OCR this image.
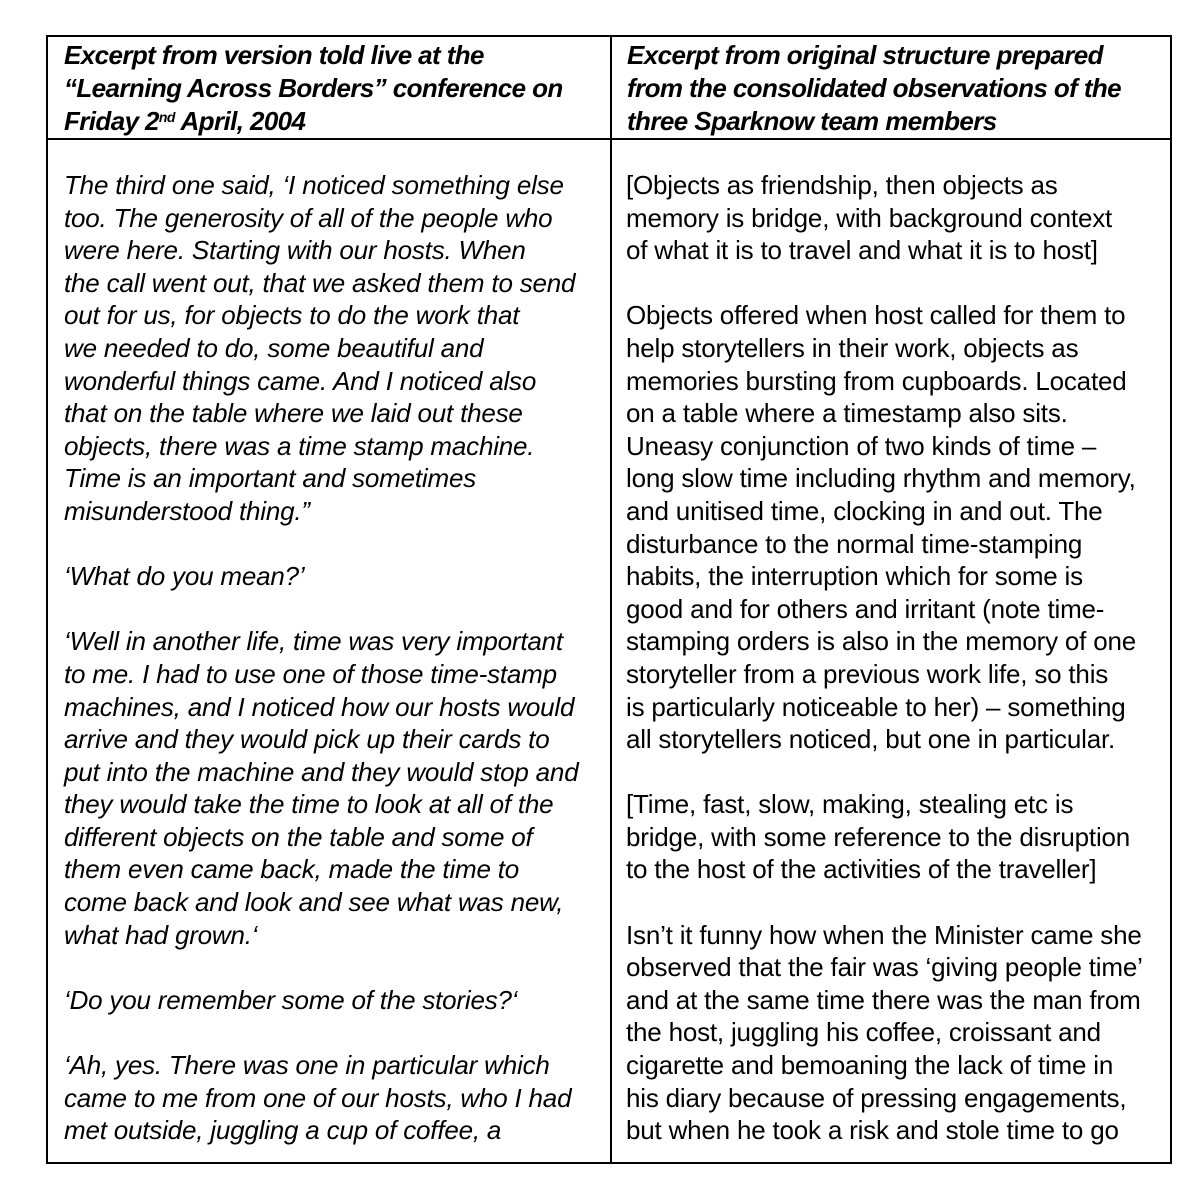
Excerpt from version told live at the
“Learning Across Borders” conference on
Friday 2nd April, 2004
Excerpt from original structure prepared
from the consolidated observations of the
three Sparknow team members
The third one said, ‘I noticed something else
too. The generosity of all of the people who
were here. Starting with our hosts. When
the call went out, that we asked them to send
out for us, for objects to do the work that
we needed to do, some beautiful and
wonderful things came. And I noticed also
that on the table where we laid out these
objects, there was a time stamp machine.
Time is an important and sometimes
misunderstood thing.”

‘What do you mean?’

‘Well in another life, time was very important
to me. I had to use one of those time-stamp
machines, and I noticed how our hosts would
arrive and they would pick up their cards to
put into the machine and they would stop and
they would take the time to look at all of the
different objects on the table and some of
them even came back, made the time to
come back and look and see what was new,
what had grown.‘

‘Do you remember some of the stories?‘

‘Ah, yes. There was one in particular which
came to me from one of our hosts, who I had
met outside, juggling a cup of coffee, a
[Objects as friendship, then objects as
memory is bridge, with background context
of what it is to travel and what it is to host]

Objects offered when host called for them to
help storytellers in their work, objects as
memories bursting from cupboards. Located
on a table where a timestamp also sits.
Uneasy conjunction of two kinds of time –
long slow time including rhythm and memory,
and unitised time, clocking in and out. The
disturbance to the normal time-stamping
habits, the interruption which for some is
good and for others and irritant (note time-
stamping orders is also in the memory of one
storyteller from a previous work life, so this
is particularly noticeable to her) – something
all storytellers noticed, but one in particular.

[Time, fast, slow, making, stealing etc is
bridge, with some reference to the disruption
to the host of the activities of the traveller]

Isn’t it funny how when the Minister came she
observed that the fair was ‘giving people time’
and at the same time there was the man from
the host, juggling his coffee, croissant and
cigarette and bemoaning the lack of time in
his diary because of pressing engagements,
but when he took a risk and stole time to go
